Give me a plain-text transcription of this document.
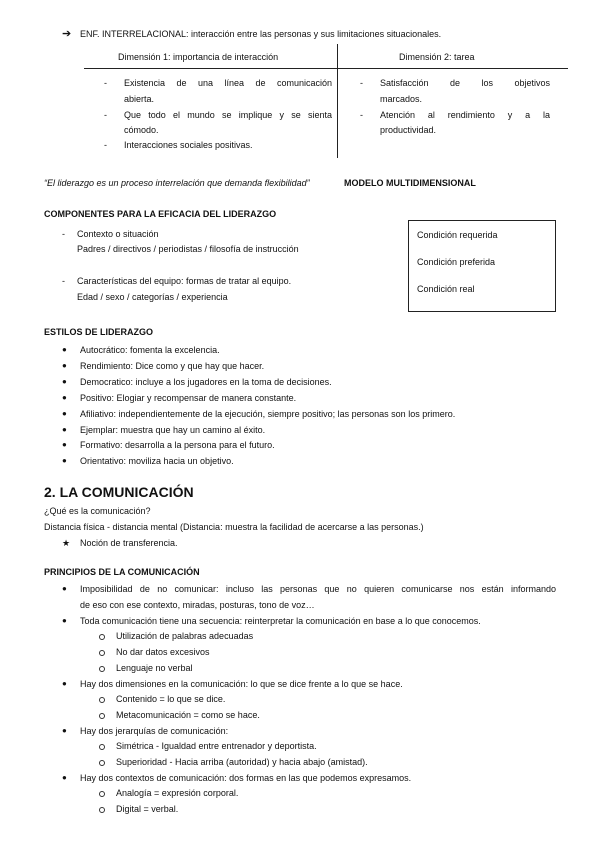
➔ ENF. INTERRELACIONAL: interacción entre las personas y sus limitaciones situacionales.
Dimensión 1: importancia de interacción	Dimensión 2: tarea
- Existencia de una línea de comunicación
abierta.
- Que todo el mundo se implique y se sienta
cómodo.
- Interacciones sociales positivas.
- Satisfacción de los objetivos
marcados.
- Atención al rendimiento y a la
productividad.
“El liderazgo es un proceso interrelación que demanda flexibilidad”	MODELO MULTIDIMENSIONAL
COMPONENTES PARA LA EFICACIA DEL LIDERAZGO
- Contexto o situación
Padres / directivos / periodistas / filosofía de instrucción
- Características del equipo: formas de tratar al equipo.
Edad / sexo / categorías / experiencia
Condición requerida
Condición preferida
Condición real
ESTILOS DE LIDERAZGO
● Autocrático: fomenta la excelencia.
● Rendimiento: Dice como y que hay que hacer.
● Democratico: incluye a los jugadores en la toma de decisiones.
● Positivo: Elogiar y recompensar de manera constante.
● Afiliativo: independientemente de la ejecución, siempre positivo; las personas son los primero.
● Ejemplar: muestra que hay un camino al éxito.
● Formativo: desarrolla a la persona para el futuro.
● Orientativo: moviliza hacia un objetivo.
2. LA COMUNICACIÓN
¿Qué es la comunicación?
Distancia física - distancia mental (Distancia: muestra la facilidad de acercarse a las personas.)
★ Noción de transferencia.
PRINCIPIOS DE LA COMUNICACIÓN
● Imposibilidad de no comunicar: incluso las personas que no quieren comunicarse nos están informando
de eso con ese contexto, miradas, posturas, tono de voz…
● Toda comunicación tiene una secuencia: reinterpretar la comunicación en base a lo que conocemos.
Utilización de palabras adecuadas
No dar datos excesivos
Lenguaje no verbal
● Hay dos dimensiones en la comunicación: lo que se dice frente a lo que se hace.
Contenido = lo que se dice.
Metacomunicación = como se hace.
● Hay dos jerarquías de comunicación:
Simétrica - Igualdad entre entrenador y deportista.
Superioridad - Hacia arriba (autoridad) y hacia abajo (amistad).
● Hay dos contextos de comunicación: dos formas en las que podemos expresamos.
Analogía = expresión corporal.
Digital = verbal.
